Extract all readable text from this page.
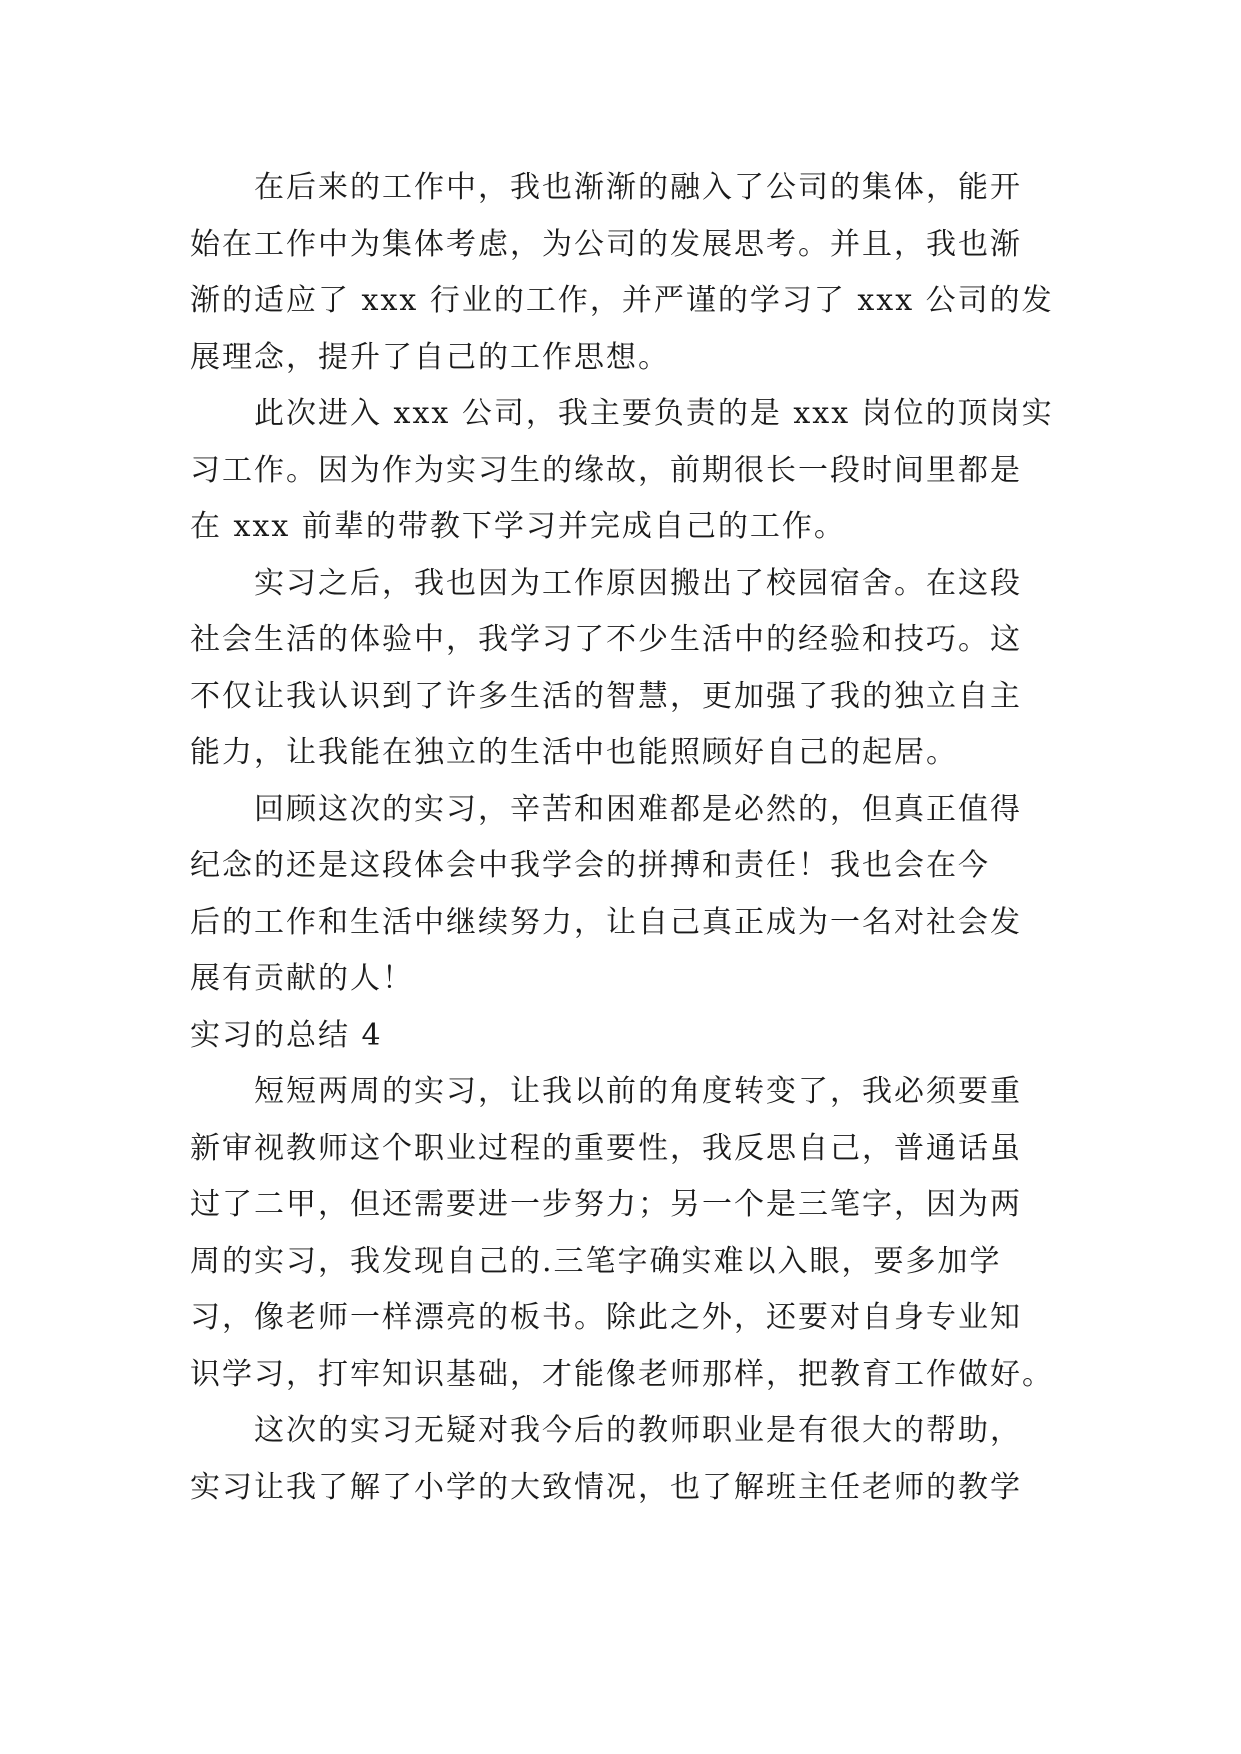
在后来的工作中，我也渐渐的融入了公司的集体，能开
始在工作中为集体考虑，为公司的发展思考。并且，我也渐
渐的适应了 xxx 行业的工作，并严谨的学习了 xxx 公司的发
展理念，提升了自己的工作思想。
此次进入 xxx 公司，我主要负责的是 xxx 岗位的顶岗实
习工作。因为作为实习生的缘故，前期很长一段时间里都是
在 xxx 前辈的带教下学习并完成自己的工作。
实习之后，我也因为工作原因搬出了校园宿舍。在这段
社会生活的体验中，我学习了不少生活中的经验和技巧。这
不仅让我认识到了许多生活的智慧，更加强了我的独立自主
能力，让我能在独立的生活中也能照顾好自己的起居。
回顾这次的实习，辛苦和困难都是必然的，但真正值得
纪念的还是这段体会中我学会的拼搏和责任！我也会在今
后的工作和生活中继续努力，让自己真正成为一名对社会发
展有贡献的人！
实习的总结 4
短短两周的实习，让我以前的角度转变了，我必须要重
新审视教师这个职业过程的重要性，我反思自己，普通话虽
过了二甲，但还需要进一步努力；另一个是三笔字，因为两
周的实习，我发现自己的.三笔字确实难以入眼，要多加学
习，像老师一样漂亮的板书。除此之外，还要对自身专业知
识学习，打牢知识基础，才能像老师那样，把教育工作做好。
这次的实习无疑对我今后的教师职业是有很大的帮助，
实习让我了解了小学的大致情况，也了解班主任老师的教学
